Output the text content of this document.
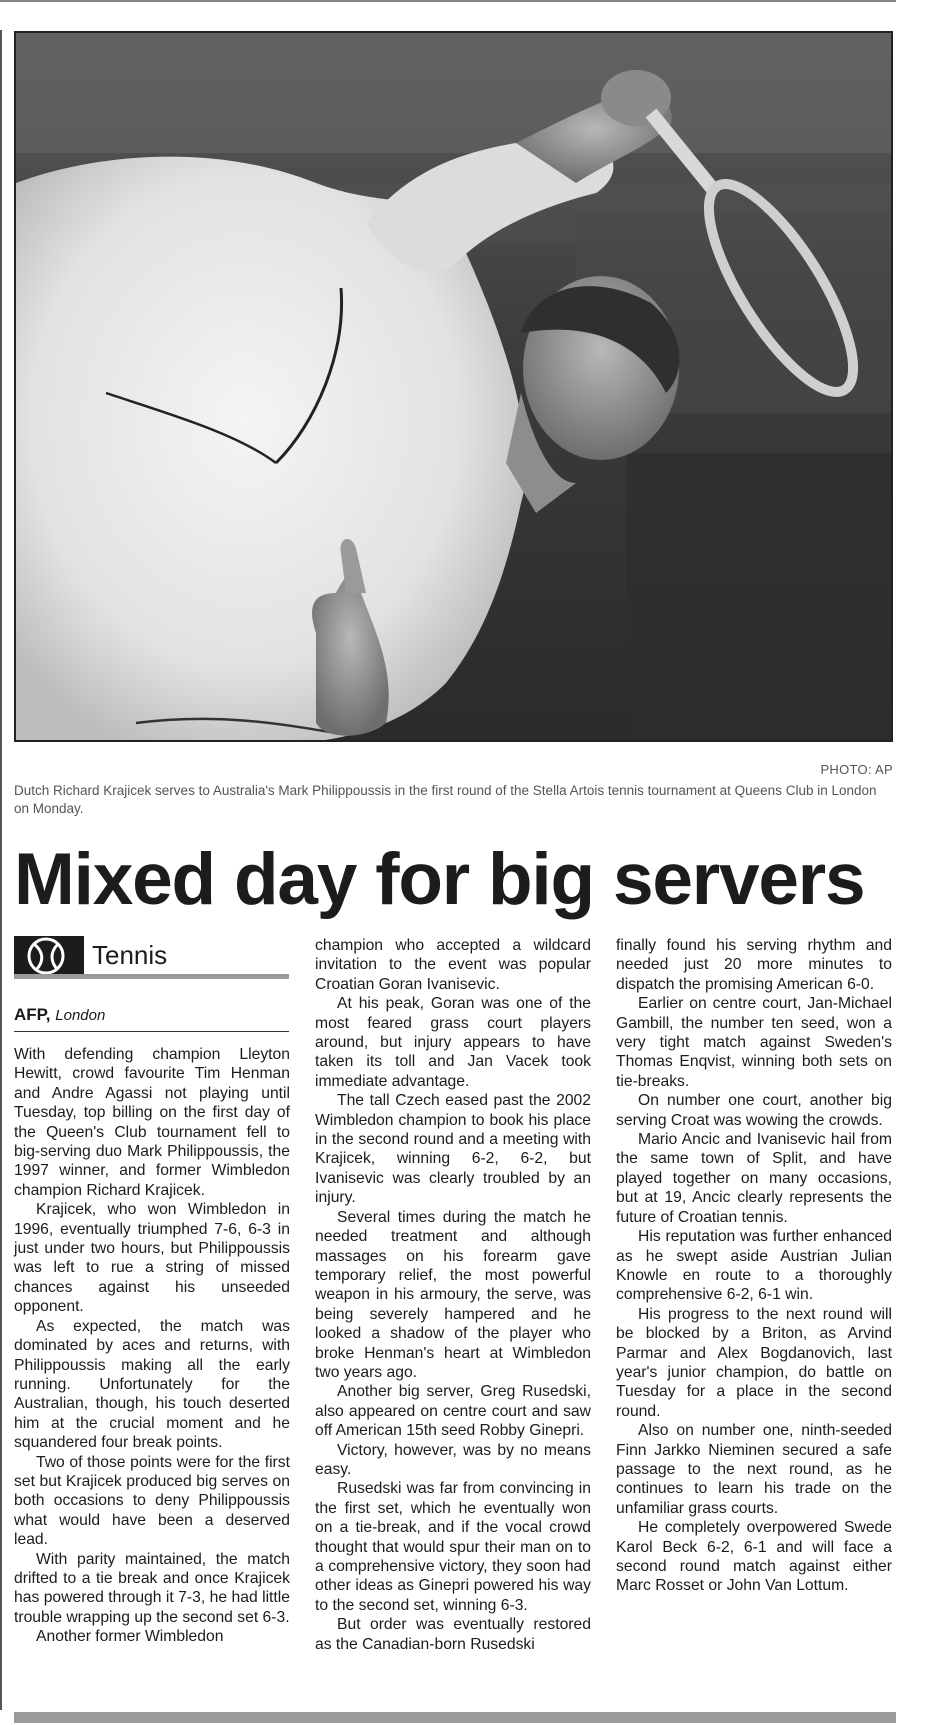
PHOTO: AP
Dutch Richard Krajicek serves to Australia's Mark Philippoussis in the first round of the Stella Artois tennis tournament at Queens Club in London on Monday.
Mixed day for big servers
Tennis
AFP, London

With defending champion Lleyton Hewitt, crowd favourite Tim Henman and Andre Agassi not playing until Tuesday, top billing on the first day of the Queen's Club tournament fell to big-serving duo Mark Philippoussis, the 1997 winner, and former Wimbledon champion Richard Krajicek.

Krajicek, who won Wimbledon in 1996, eventually triumphed 7-6, 6-3 in just under two hours, but Philippoussis was left to rue a string of missed chances against his unseeded opponent.

As expected, the match was dominated by aces and returns, with Philippoussis making all the early running. Unfortunately for the Australian, though, his touch deserted him at the crucial moment and he squandered four break points.

Two of those points were for the first set but Krajicek produced big serves on both occasions to deny Philippoussis what would have been a deserved lead.

With parity maintained, the match drifted to a tie break and once Krajicek has powered through it 7-3, he had little trouble wrapping up the second set 6-3.

Another former Wimbledon

champion who accepted a wildcard invitation to the event was popular Croatian Goran Ivanisevic.

At his peak, Goran was one of the most feared grass court players around, but injury appears to have taken its toll and Jan Vacek took immediate advantage.

The tall Czech eased past the 2002 Wimbledon champion to book his place in the second round and a meeting with Krajicek, winning 6-2, 6-2, but Ivanisevic was clearly troubled by an injury.

Several times during the match he needed treatment and although massages on his forearm gave temporary relief, the most powerful weapon in his armoury, the serve, was being severely hampered and he looked a shadow of the player who broke Henman's heart at Wimbledon two years ago.

Another big server, Greg Rusedski, also appeared on centre court and saw off American 15th seed Robby Ginepri.

Victory, however, was by no means easy.

Rusedski was far from convincing in the first set, which he eventually won on a tie-break, and if the vocal crowd thought that would spur their man on to a comprehensive victory, they soon had other ideas as Ginepri powered his way to the second set, winning 6-3.

But order was eventually restored as the Canadian-born Rusedski

finally found his serving rhythm and needed just 20 more minutes to dispatch the promising American 6-0.

Earlier on centre court, Jan-Michael Gambill, the number ten seed, won a very tight match against Sweden's Thomas Enqvist, winning both sets on tie-breaks.

On number one court, another big serving Croat was wowing the crowds.

Mario Ancic and Ivanisevic hail from the same town of Split, and have played together on many occasions, but at 19, Ancic clearly represents the future of Croatian tennis.

His reputation was further enhanced as he swept aside Austrian Julian Knowle en route to a thoroughly comprehensive 6-2, 6-1 win.

His progress to the next round will be blocked by a Briton, as Arvind Parmar and Alex Bogdanovich, last year's junior champion, do battle on Tuesday for a place in the second round.

Also on number one, ninth-seeded Finn Jarkko Nieminen secured a safe passage to the next round, as he continues to learn his trade on the unfamiliar grass courts.

He completely overpowered Swede Karol Beck 6-2, 6-1 and will face a second round match against either Marc Rosset or John Van Lottum.
